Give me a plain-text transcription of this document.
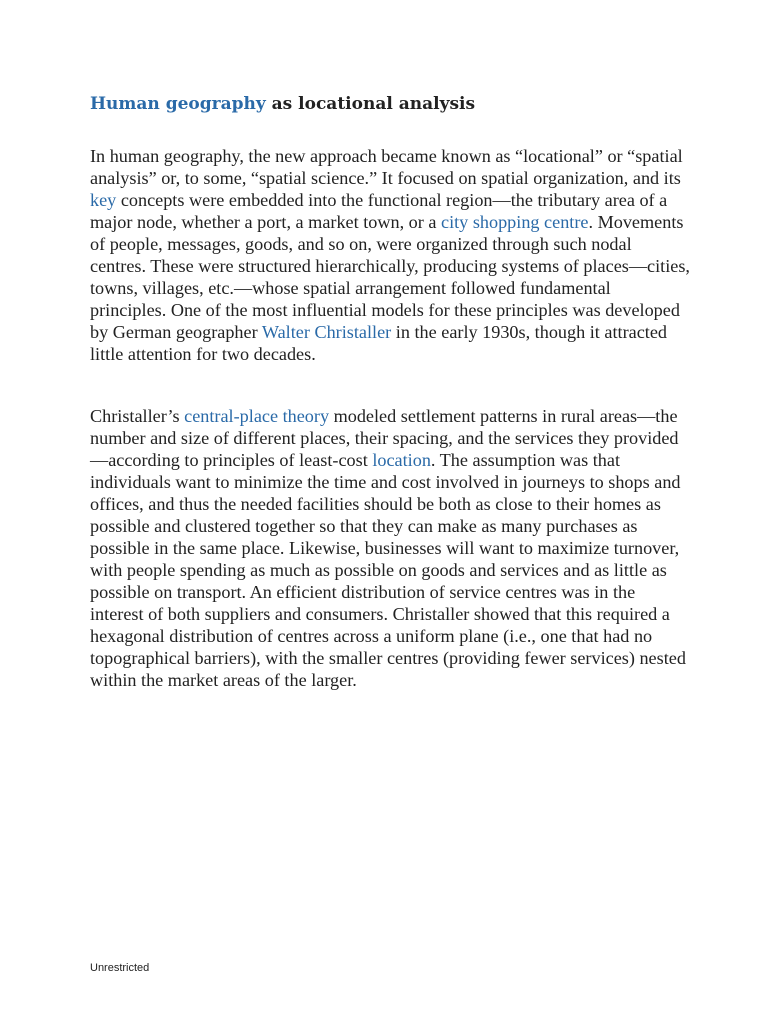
Human geography as locational analysis

In human geography, the new approach became known as “locational” or “spatial analysis” or, to some, “spatial science.” It focused on spatial organization, and its key concepts were embedded into the functional region—the tributary area of a major node, whether a port, a market town, or a city shopping centre. Movements of people, messages, goods, and so on, were organized through such nodal centres. These were structured hierarchically, producing systems of places—cities, towns, villages, etc.—whose spatial arrangement followed fundamental principles. One of the most influential models for these principles was developed by German geographer Walter Christaller in the early 1930s, though it attracted little attention for two decades.

Christaller’s central-place theory modeled settlement patterns in rural areas—the number and size of different places, their spacing, and the services they provided—according to principles of least-cost location. The assumption was that individuals want to minimize the time and cost involved in journeys to shops and offices, and thus the needed facilities should be both as close to their homes as possible and clustered together so that they can make as many purchases as possible in the same place. Likewise, businesses will want to maximize turnover, with people spending as much as possible on goods and services and as little as possible on transport. An efficient distribution of service centres was in the interest of both suppliers and consumers. Christaller showed that this required a hexagonal distribution of centres across a uniform plane (i.e., one that had no topographical barriers), with the smaller centres (providing fewer services) nested within the market areas of the larger.

Unrestricted
